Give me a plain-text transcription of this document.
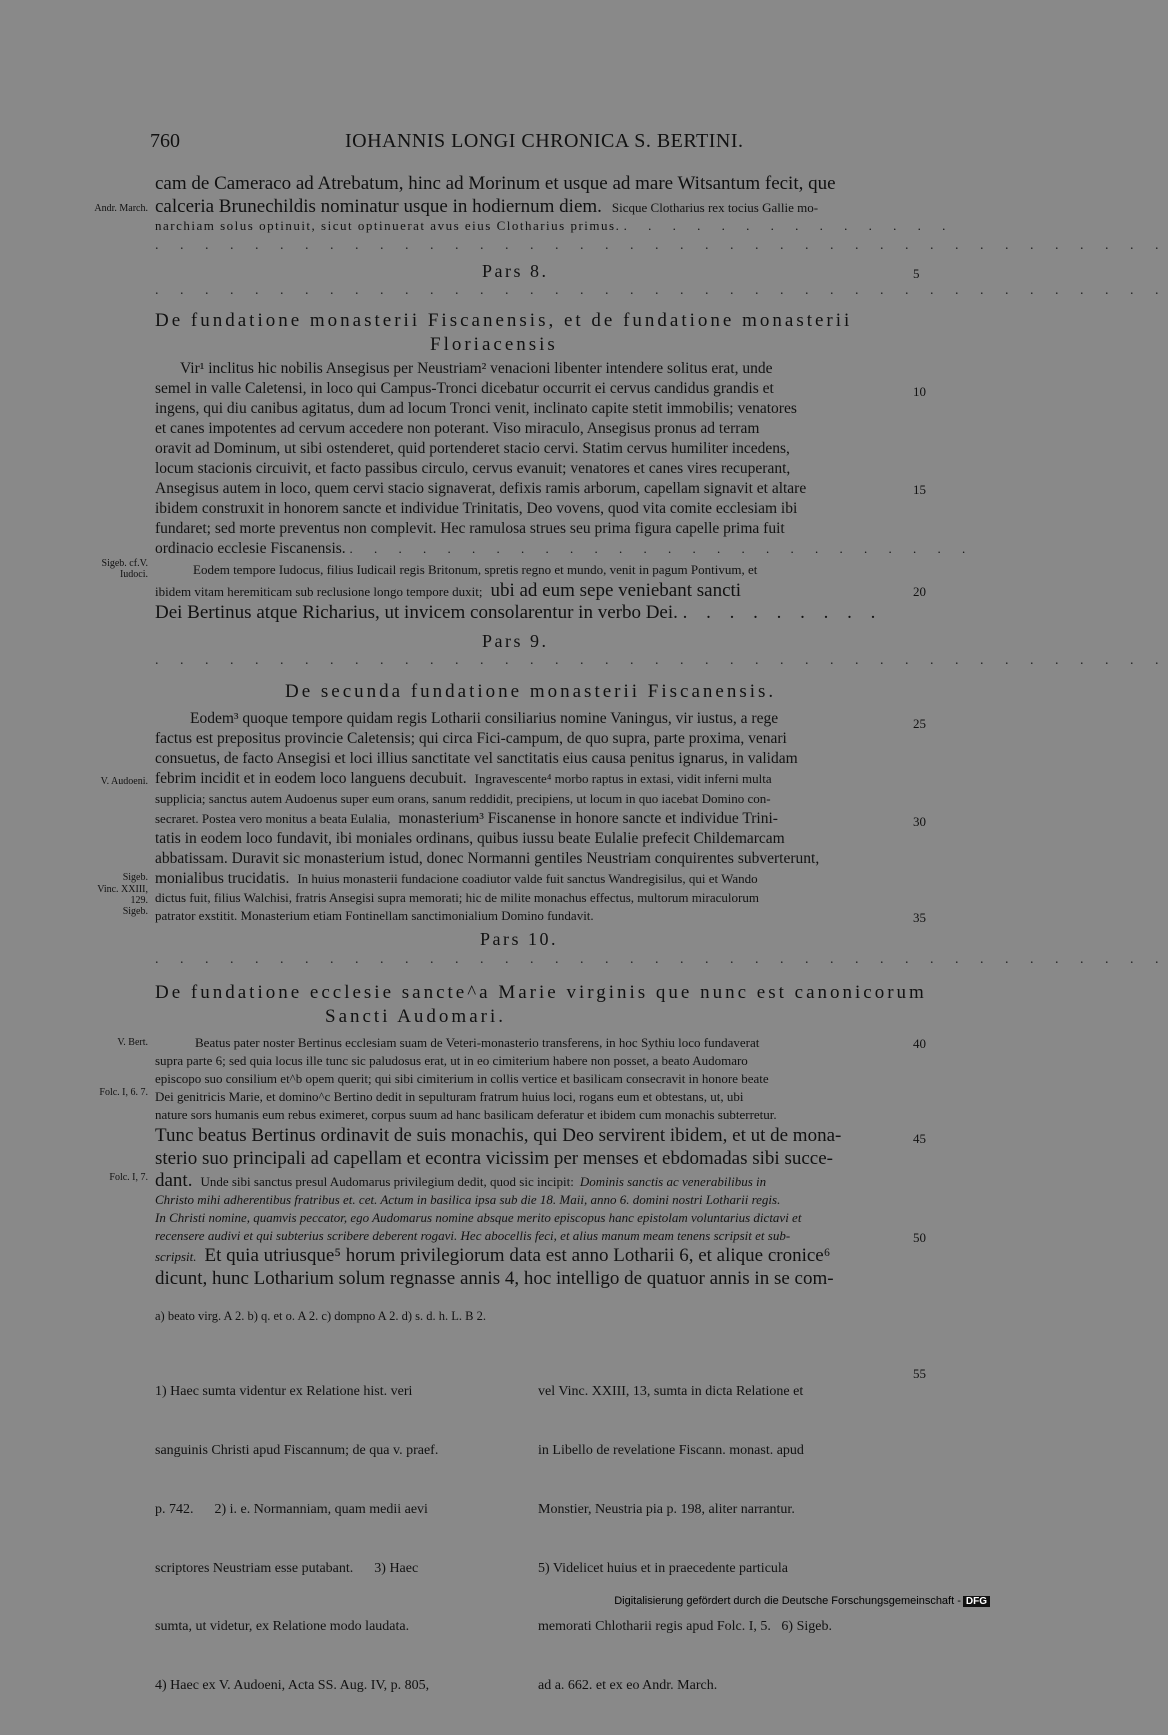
760	IOHANNIS LONGI CHRONICA S. BERTINI.
Andr. March.
Sigeb. cf.V. Iudoci.
V. Audoeni.
Sigeb.
Vinc. XXIII, 129.
Sigeb.
V. Bert.
Folc. I, 6. 7.
Folc. I, 7.
5
10
15
20
25
30
35
40
45
50
55
cam de Cameraco ad Atrebatum, hinc ad Morinum et usque ad mare Witsantum fecit, que
calceria Brunechildis nominatur usque in hodiernum diem. Sicque Clotharius rex tocius Gallie mo-
narchiam solus optinuit, sicut optinuerat avus eius Clotharius primus. . . . . . . . . . . . . . .
. . . . . . . . . . . . . . . . . . . . . . . . . . . . . . . . . . . . . . . . .
Pars 8.
. . . . . . . . . . . . . . . . . . . . . . . . . . . . . . . . . . . . . . . . .
De fundatione monasterii Fiscanensis, et de fundatione monasterii
Floriacensis
Vir¹ inclitus hic nobilis Ansegisus per Neustriam² venacioni libenter intendere solitus erat, unde
semel in valle Caletensi, in loco qui Campus-Tronci dicebatur occurrit ei cervus candidus grandis et
ingens, qui diu canibus agitatus, dum ad locum Tronci venit, inclinato capite stetit immobilis; venatores
et canes impotentes ad cervum accedere non poterant. Viso miraculo, Ansegisus pronus ad terram
oravit ad Dominum, ut sibi ostenderet, quid portenderet stacio cervi. Statim cervus humiliter incedens,
locum stacionis circuivit, et facto passibus circulo, cervus evanuit; venatores et canes vires recuperant,
Ansegisus autem in loco, quem cervi stacio signaverat, defixis ramis arborum, capellam signavit et altare
ibidem construxit in honorem sancte et individue Trinitatis, Deo vovens, quod vita comite ecclesiam ibi
fundaret; sed morte preventus non complevit. Hec ramulosa strues seu prima figura capelle prima fuit
ordinacio ecclesie Fiscanensis. . . . . . . . . . . . . . . . . . . . . . . . . . .
Eodem tempore Iudocus, filius Iudicail regis Britonum, spretis regno et mundo, venit in pagum Pontivum, et
ibidem vitam heremiticam sub reclusione longo tempore duxit; ubi ad eum sepe veniebant sancti
Dei Bertinus atque Richarius, ut invicem consolarentur in verbo Dei. . . . . . . . . .
Pars 9.
. . . . . . . . . . . . . . . . . . . . . . . . . . . . . . . . . . . . . . . . .
De secunda fundatione monasterii Fiscanensis.
Eodem³ quoque tempore quidam regis Lotharii consiliarius nomine Vaningus, vir iustus, a rege
factus est prepositus provincie Caletensis; qui circa Fici-campum, de quo supra, parte proxima, venari
consuetus, de facto Ansegisi et loci illius sanctitate vel sanctitatis eius causa penitus ignarus, in validam
febrim incidit et in eodem loco languens decubuit. Ingravescente⁴ morbo raptus in extasi, vidit inferni multa
supplicia; sanctus autem Audoenus super eum orans, sanum reddidit, precipiens, ut locum in quo iacebat Domino con-
secraret. Postea vero monitus a beata Eulalia, monasterium³ Fiscanense in honore sancte et individue Trini-
tatis in eodem loco fundavit, ibi moniales ordinans, quibus iussu beate Eulalie prefecit Childemarcam
abbatissam. Duravit sic monasterium istud, donec Normanni gentiles Neustriam conquirentes subverterunt,
monialibus trucidatis. In huius monasterii fundacione coadiutor valde fuit sanctus Wandregisilus, qui et Wando
dictus fuit, filius Walchisi, fratris Ansegisi supra memorati; hic de milite monachus effectus, multorum miraculorum
patrator exstitit. Monasterium etiam Fontinellam sanctimonialium Domino fundavit.
Pars 10.
. . . . . . . . . . . . . . . . . . . . . . . . . . . . . . . . . . . . . . . . .
De fundatione ecclesie sancte^a Marie virginis que nunc est canonicorum
Sancti Audomari.
Beatus pater noster Bertinus ecclesiam suam de Veteri-monasterio transferens, in hoc Sythiu loco fundaverat
supra parte 6; sed quia locus ille tunc sic paludosus erat, ut in eo cimiterium habere non posset, a beato Audomaro
episcopo suo consilium et^b opem querit; qui sibi cimiterium in collis vertice et basilicam consecravit in honore beate
Dei genitricis Marie, et domino^c Bertino dedit in sepulturam fratrum huius loci, rogans eum et obtestans, ut, ubi
nature sors humanis eum rebus eximeret, corpus suum ad hanc basilicam deferatur et ibidem cum monachis subterretur.
Tunc beatus Bertinus ordinavit de suis monachis, qui Deo servirent ibidem, et ut de mona-
sterio suo principali ad capellam et econtra vicissim per menses et ebdomadas sibi succe-
dant. Unde sibi sanctus presul Audomarus privilegium dedit, quod sic incipit: Dominis sanctis ac venerabilibus in
Christo mihi adherentibus fratribus et. cet. Actum in basilica ipsa sub die 18. Maii, anno 6. domini nostri Lotharii regis.
In Christi nomine, quamvis peccator, ego Audomarus nomine absque merito episcopus hanc epistolam voluntarius dictavi et
recensere audivi et qui subterius scribere deberent rogavi. Hec abocellis feci, et alius manum meam tenens scripsit et sub-
scripsit. Et quia utriusque⁵ horum privilegiorum data est anno Lotharii 6, et alique cronice⁶
dicunt, hunc Lotharium solum regnasse annis 4, hoc intelligo de quatuor annis in se com-
a) beato virg. A 2. b) q. et o. A 2. c) dompno A 2. d) s. d. h. L. B 2.

1) Haec sumta videntur ex Relatione hist. veri

sanguinis Christi apud Fiscannum; de qua v. praef.

p. 742.      2) i. e. Normanniam, quam medii aevi

scriptores Neustriam esse putabant.      3) Haec

sumta, ut videtur, ex Relatione modo laudata.

4) Haec ex V. Audoeni, Acta SS. Aug. IV, p. 805,

vel Vinc. XXIII, 13, sumta in dicta Relatione et

in Libello de revelatione Fiscann. monast. apud

Monstier, Neustria pia p. 198, aliter narrantur.

5) Videlicet huius et in praecedente particula

memorati Chlotharii regis apud Folc. I, 5.   6) Sigeb.

ad a. 662. et ex eo Andr. March.

Digitalisierung gefördert durch die Deutsche Forschungsgemeinschaft - DFG
